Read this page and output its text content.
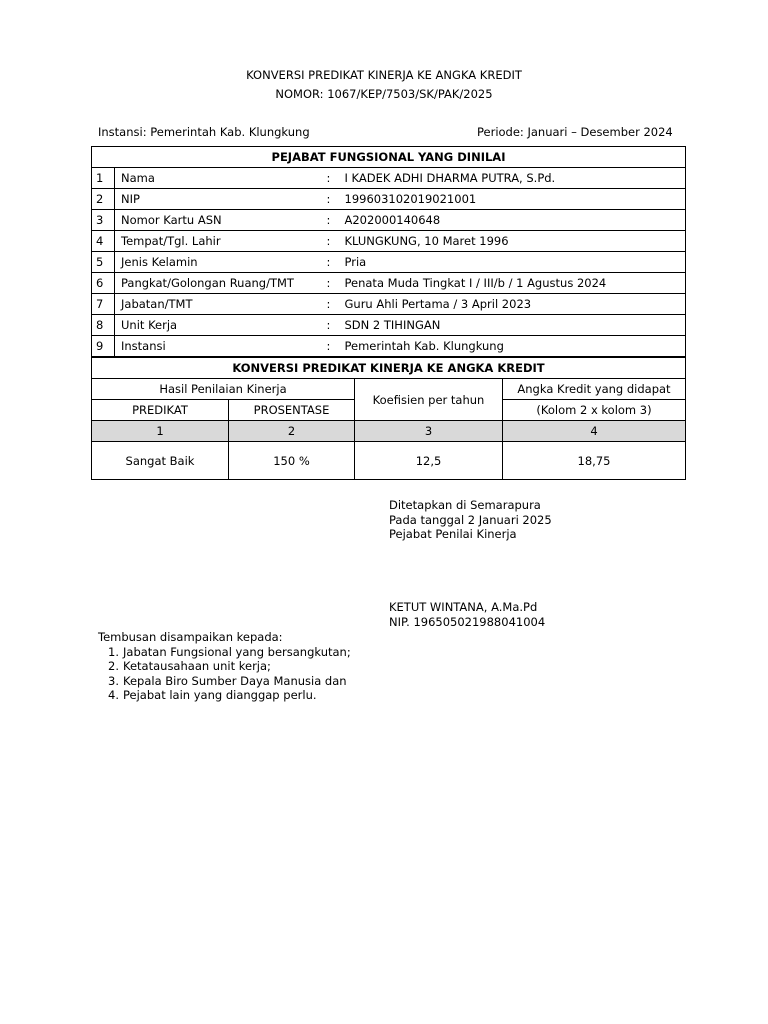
KONVERSI PREDIKAT KINERJA KE ANGKA KREDIT
NOMOR: 1067/KEP/7503/SK/PAK/2025
Instansi: Pemerintah Kab. Klungkung	Periode: Januari – Desember 2024
PEJABAT FUNGSIONAL YANG DINILAI			
1	Nama	:	I KADEK ADHI DHARMA PUTRA, S.Pd.
2	NIP	:	199603102019021001
3	Nomor Kartu ASN	:	A202000140648
4	Tempat/Tgl. Lahir	:	KLUNGKUNG, 10 Maret 1996
5	Jenis Kelamin	:	Pria
6	Pangkat/Golongan Ruang/TMT	:	Penata Muda Tingkat I / III/b / 1 Agustus 2024
7	Jabatan/TMT	:	Guru Ahli Pertama / 3 April 2023
8	Unit Kerja	:	SDN 2 TIHINGAN
9	Instansi	:	Pemerintah Kab. Klungkung
KONVERSI PREDIKAT KINERJA KE ANGKA KREDIT			
Hasil Penilaian Kinerja		Koefisien per tahun	Angka Kredit yang didapat
PREDIKAT	PROSENTASE		(Kolom 2 x kolom 3)
1	2	3	4
Sangat Baik	150 %	12,5	18,75
Ditetapkan di Semarapura
Pada tanggal 2 Januari 2025
Pejabat Penilai Kinerja
KETUT WINTANA, A.Ma.Pd
NIP. 196505021988041004
Tembusan disampaikan kepada:
1. Jabatan Fungsional yang bersangkutan;
2. Ketatausahaan unit kerja;
3. Kepala Biro Sumber Daya Manusia dan
4. Pejabat lain yang dianggap perlu.
